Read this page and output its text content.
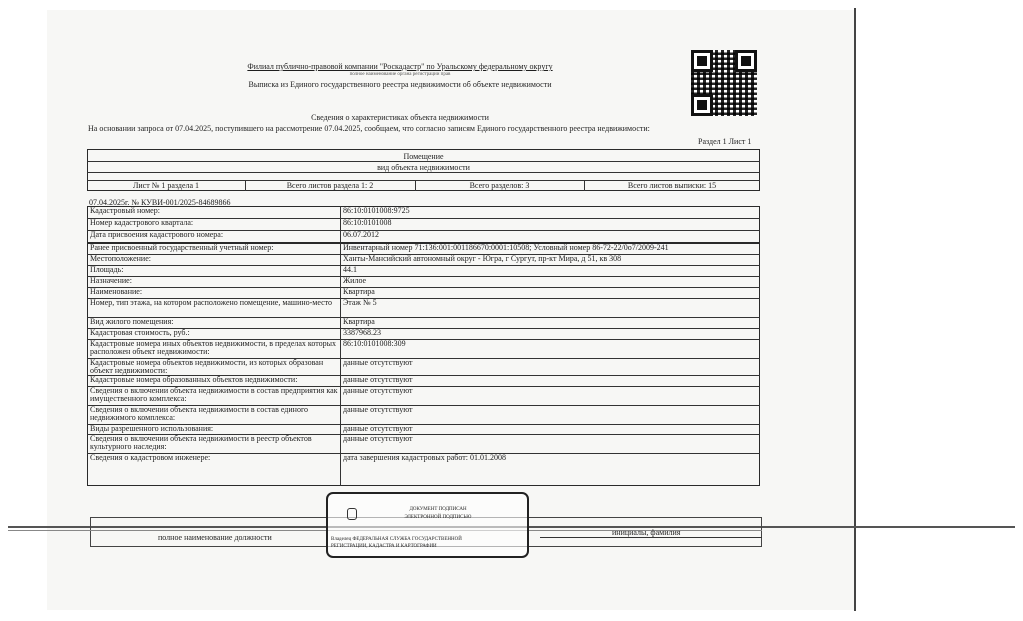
Филиал публично-правовой компании "Роскадастр" по Уральскому федеральному округу
полное наименование органа регистрации прав
Выписка из Единого государственного реестра недвижимости об объекте недвижимости
Сведения о характеристиках объекта недвижимости
На основании запроса от 07.04.2025, поступившего на рассмотрение 07.04.2025, сообщаем, что согласно записям Единого государственного реестра недвижимости:
Раздел 1 Лист 1
Помещение
вид объекта недвижимости
Лист № 1 раздела 1	Всего листов раздела 1: 2	Всего разделов: 3	Всего листов выписки: 15
07.04.2025г. № КУВИ-001/2025-84689866
Кадастровый номер:	86:10:0101008:9725
Номер кадастрового квартала:	86:10:0101008
Дата присвоения кадастрового номера:	06.07.2012
Ранее присвоенный государственный учетный номер:	Инвентарный номер 71:136:001:001186670:0001:10508; Условный номер 86-72-22/0о7/2009-241
Местоположение:	Ханты-Мансийский автономный округ - Югра, г Сургут, пр-кт Мира, д 51, кв 308
Площадь:	44.1
Назначение:	Жилое
Наименование:	Квартира
Номер, тип этажа, на котором расположено помещение, машино-место	Этаж № 5
Вид жилого помещения:	Квартира
Кадастровая стоимость, руб.:	3387968.23
Кадастровые номера иных объектов недвижимости, в пределах которых расположен объект недвижимости:
86:10:0101008:309
Кадастровые номера объектов недвижимости, из которых образован объект недвижимости:
данные отсутствуют
Кадастровые номера образованных объектов недвижимости:	данные отсутствуют
Сведения о включении объекта недвижимости в состав предприятия как имущественного комплекса:
данные отсутствуют
Сведения о включении объекта недвижимости в состав единого недвижимого комплекса:
данные отсутствуют
Виды разрешенного использования:	данные отсутствуют
Сведения о включении объекта недвижимости в реестр объектов культурного наследия:
данные отсутствуют
Сведения о кадастровом инженере:	дата завершения кадастровых работ: 01.01.2008
полное наименование должности
инициалы, фамилия
ДОКУМЕНТ ПОДПИСАН
ЭЛЕКТРОННОЙ ПОДПИСЬЮ
Владелец ФЕДЕРАЛЬНАЯ СЛУЖБА ГОСУДАРСТВЕННОЙ
РЕГИСТРАЦИИ, КАДАСТРА И КАРТОГРАФИИ
